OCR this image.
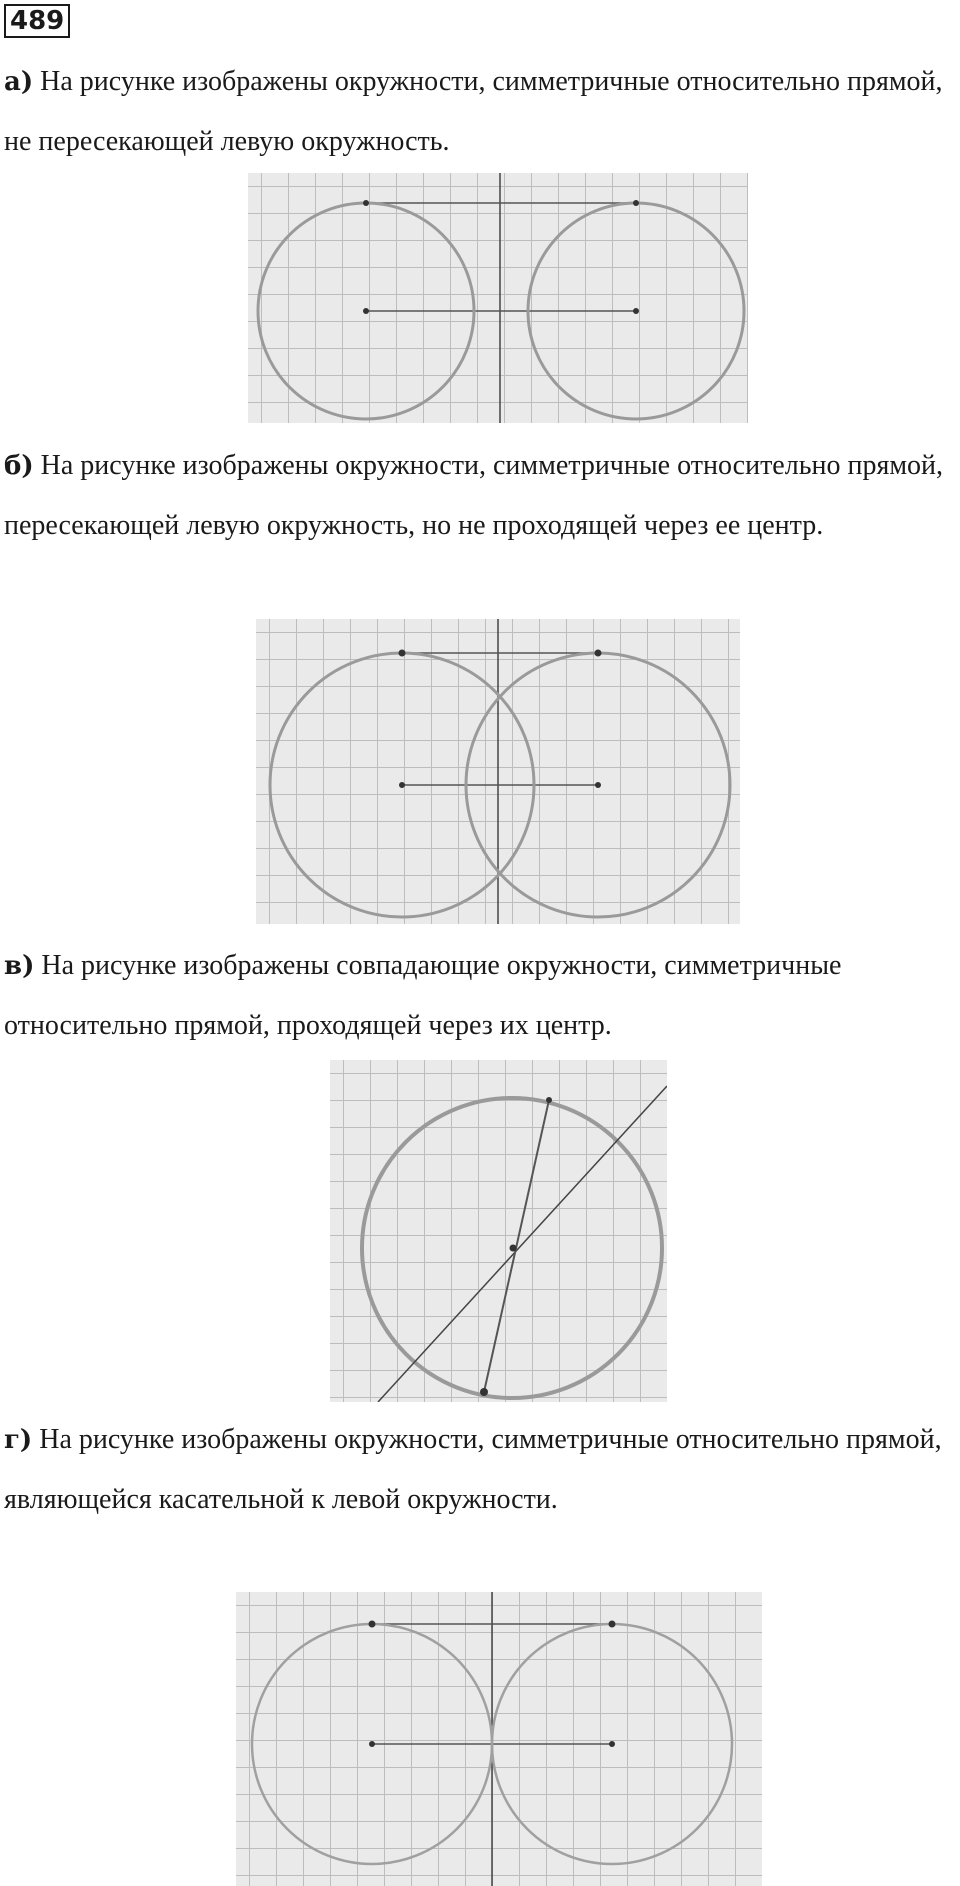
489
а) На рисунке изображены окружности, симметричные относительно прямой, не пересекающей левую окружность.
б) На рисунке изображены окружности, симметричные относительно прямой, пересекающей левую окружность, но не проходящей через ее центр.
в) На рисунке изображены совпадающие окружности, симметричные относительно прямой, проходящей через их центр.
г) На рисунке изображены окружности, симметричные относительно прямой, являющейся касательной к левой окружности.
